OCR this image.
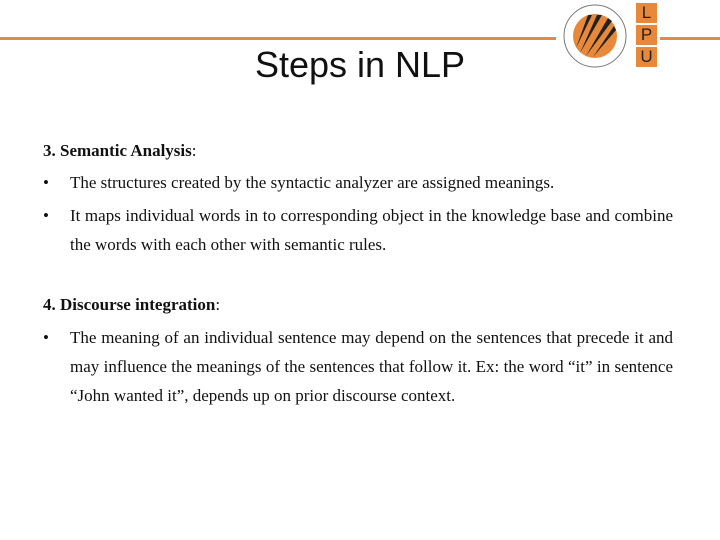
Steps in NLP
L
P
U

3. Semantic Analysis:

• The structures created by the syntactic analyzer are assigned meanings.

• It maps individual words in to corresponding object in the knowledge base and combine the words with each other with semantic rules.

4. Discourse integration:

• The meaning of an individual sentence may depend on the sentences that precede it and may influence the meanings of the sentences that follow it. Ex: the word “it” in sentence “John wanted it”, depends up on prior discourse context.
